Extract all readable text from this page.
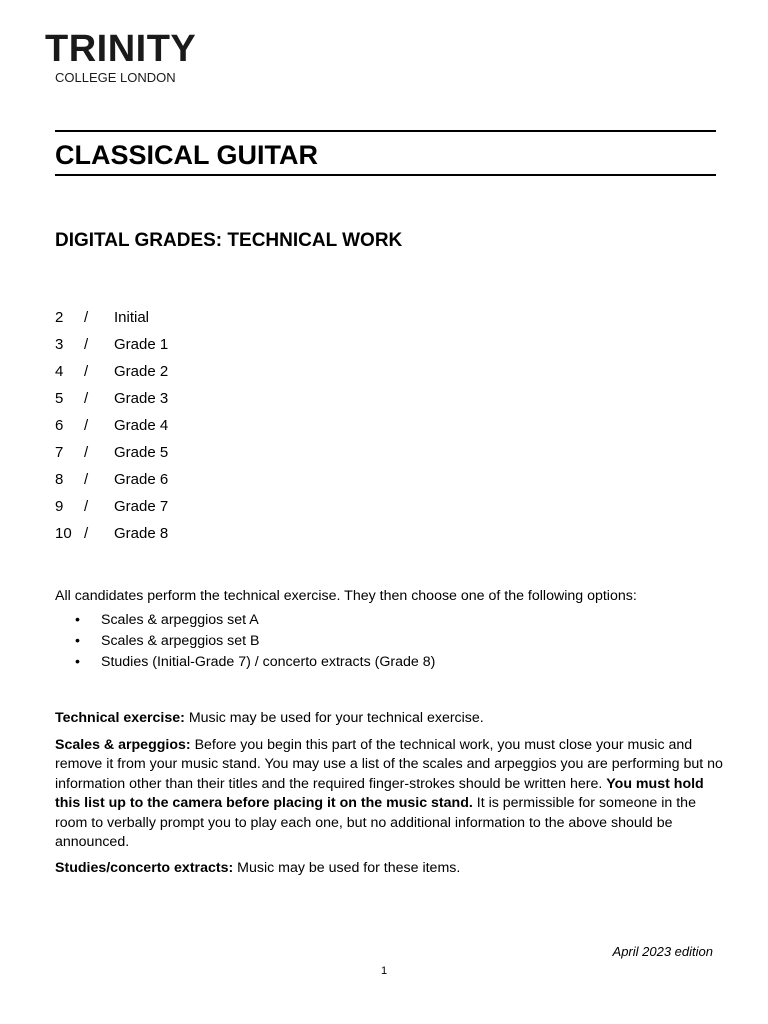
TRINITY
COLLEGE LONDON
CLASSICAL GUITAR
DIGITAL GRADES: TECHNICAL WORK
2	/	Initial
3	/	Grade 1
4	/	Grade 2
5	/	Grade 3
6	/	Grade 4
7	/	Grade 5
8	/	Grade 6
9	/	Grade 7
10 /	Grade 8

All candidates perform the technical exercise. They then choose one of the following options:

•	Scales & arpeggios set A
•	Scales & arpeggios set B
•	Studies (Initial-Grade 7) / concerto extracts (Grade 8)

Technical exercise: Music may be used for your technical exercise.

Scales & arpeggios: Before you begin this part of the technical work, you must close your music and remove it from your music stand. You may use a list of the scales and arpeggios you are performing but no information other than their titles and the required finger-strokes should be written here. You must hold this list up to the camera before placing it on the music stand. It is permissible for someone in the room to verbally prompt you to play each one, but no additional information to the above should be announced.

Studies/concerto extracts: Music may be used for these items.

April 2023 edition
1
